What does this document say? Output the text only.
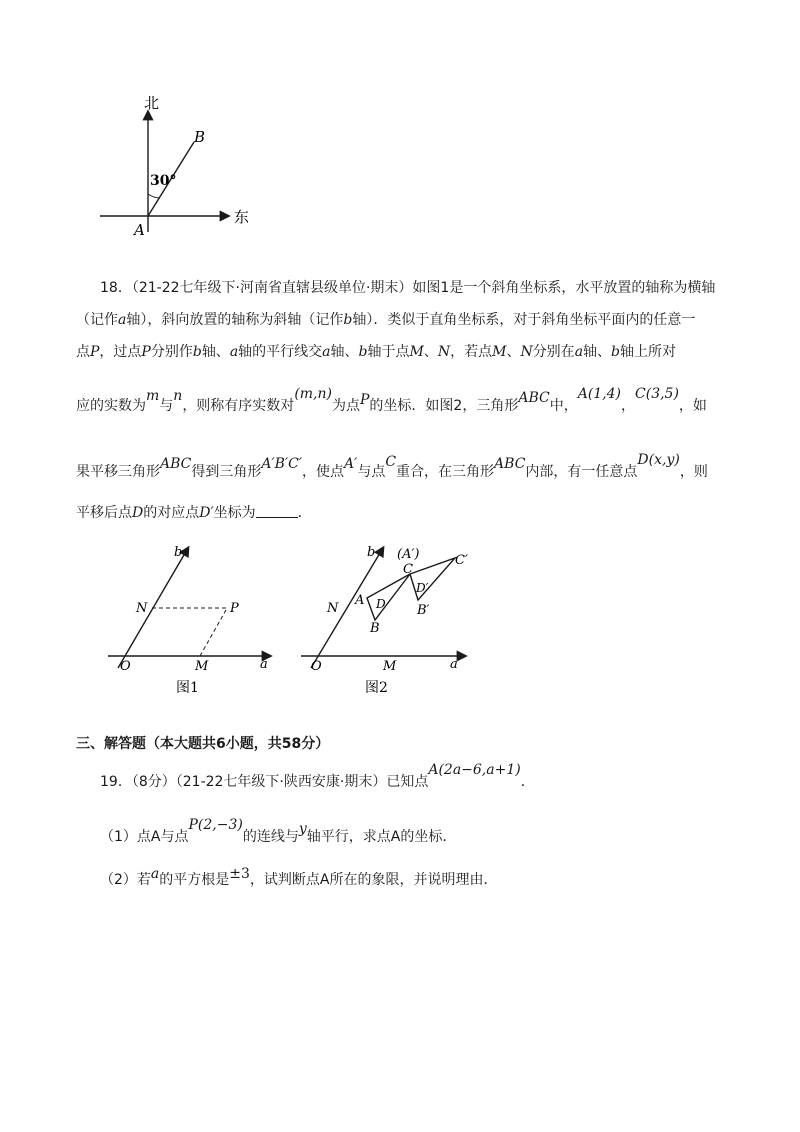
北
东
B
A
30°
18．（21-22七年级下·河南省直辖县级单位·期末）如图1是一个斜角坐标系，水平放置的轴称为横轴
（记作a轴），斜向放置的轴称为斜轴（记作b轴）．类似于直角坐标系，对于斜角坐标平面内的任意一
点P，过点P分别作b轴、a轴的平行线交a轴、b轴于点M、N，若点M、N分别在a轴、b轴上所对
应的实数为m与n，则称有序实数对(m,n)为点P的坐标．如图2，三角形ABC中，A(1,4)，C(3,5)，如
果平移三角形ABC得到三角形A′B′C′，使点A′与点C重合，在三角形ABC内部，有一任意点D(x,y)，则
平移后点D的对应点D′坐标为	．
b
N	P
O	M	a
图1
b (A′)
C
C′
A D
D′
B
B′
N
O	M	a
图2
三、解答题（本大题共6小题，共58分）
19．（8分）（21-22七年级下·陕西安康·期末）已知点A(2a−6,a+1)．
（1）点A与点P(2,−3)的连线与y轴平行，求点A的坐标．
（2）若a的平方根是±3，试判断点A所在的象限，并说明理由．
